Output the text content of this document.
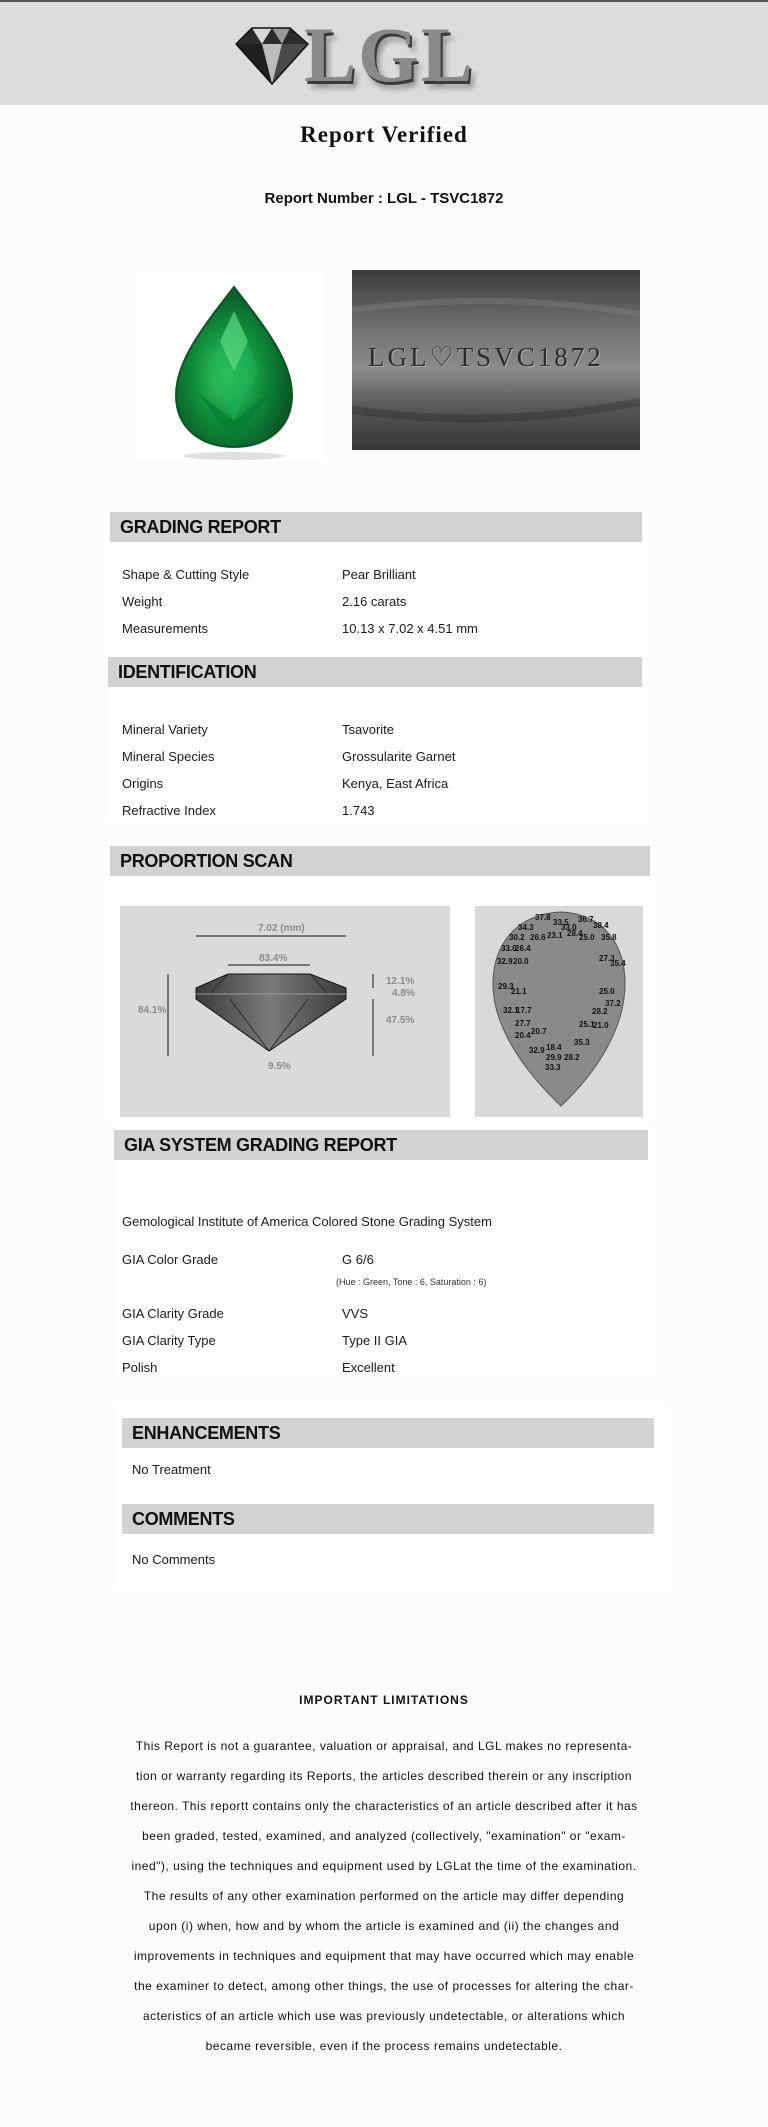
LGL
Report Verified
Report Number : LGL - TSVC1872
LGL♡TSVC1872
GRADING REPORT
Shape & Cutting Style	Pear Brilliant
Weight	2.16 carats
Measurements	10.13 x 7.02 x 4.51 mm
IDENTIFICATION
Mineral Variety	Tsavorite
Mineral Species	Grossularite Garnet
Origins	Kenya, East Africa
Refractive Index	1.743
PROPORTION SCAN
7.02 (mm)
83.4%
84.1%
12.1%
4.8%
47.5%
9.5%
37.8
33.5 36.7
34.3	33.0 38.4
30.2 26.6 23.1 28.4
25.0 35.8
33.0
26.4
32.9 20.0	27.3
35.4
29.3
21.1	25.0
37.2
32.1
17.7	28.2
27.7	25.1
21.0
20.4 20.7
35.3
32.9 18.4
29.9 28.2
33.3
GIA SYSTEM GRADING REPORT
Gemological Institute of America Colored Stone Grading System
GIA Color Grade	G 6/6
(Hue : Green, Tone : 6, Saturation : 6)
GIA Clarity Grade	VVS
GIA Clarity Type	Type II GIA
Polish	Excellent
ENHANCEMENTS
No Treatment
COMMENTS
No Comments
IMPORTANT LIMITATIONS
This Report is not a guarantee, valuation or appraisal, and LGL makes no representa-
tion or warranty regarding its Reports, the articles described therein or any inscription
thereon. This reportt contains only the characteristics of an article described after it has
been graded, tested, examined, and analyzed (collectively, "examination" or "exam-
ined"), using the techniques and equipment used by LGLat the time of the examination.
The results of any other examination performed on the article may differ depending
upon (i) when, how and by whom the article is examined and (ii) the changes and
improvements in techniques and equipment that may have occurred which may enable
the examiner to detect, among other things, the use of processes for altering the char-
acteristics of an article which use was previously undetectable, or alterations which
became reversible, even if the process remains undetectable.
